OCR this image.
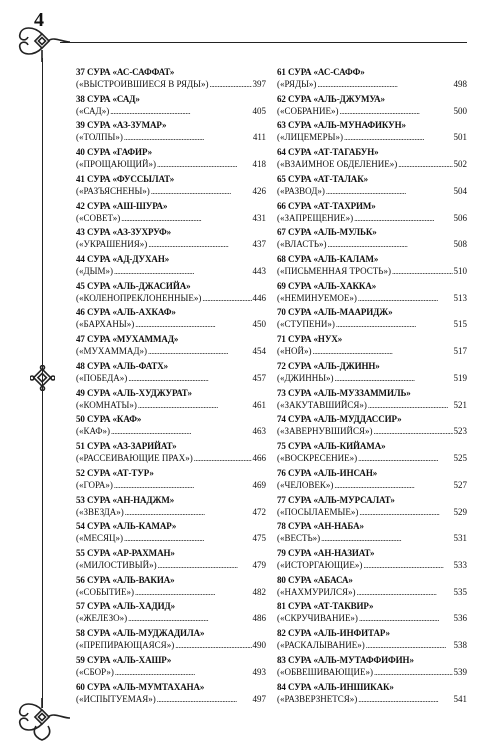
4
37 СУРА «АС-САФФАТ»
(«ВЫСТРОИВШИЕСЯ В РЯДЫ») . . .	397
38 СУРА «САД»
(«САД») . . .	405
39 СУРА «АЗ-ЗУМАР»
(«ТОЛПЫ») . . .	411
40 СУРА «ГАФИР»
(«ПРОЩАЮЩИЙ») . . .	418
41 СУРА «ФУССЫЛАТ»
(«РАЗЪЯСНЕНЫ») . . .	426
42 СУРА «АШ-ШУРА»
(«СОВЕТ») . . .	431
43 СУРА «АЗ-ЗУХРУФ»
(«УКРАШЕНИЯ») . . .	437
44 СУРА «АД-ДУХАН»
(«ДЫМ») . . .	443
45 СУРА «АЛЬ-ДЖАСИЙА»
(«КОЛЕНОПРЕКЛОНЕННЫЕ») . . .	446
46 СУРА «АЛЬ-АХКАФ»
(«БАРХАНЫ») . . .	450
47 СУРА «МУХАММАД»
(«МУХАММАД») . . .	454
48 СУРА «АЛЬ-ФАТХ»
(«ПОБЕДА») . . .	457
49 СУРА «АЛЬ-ХУДЖУРАТ»
(«КОМНАТЫ») . . .	461
50 СУРА «КАФ»
(«КАФ») . . .	463
51 СУРА «АЗ-ЗАРИЙАТ»
(«РАССЕИВАЮЩИЕ ПРАХ») . . .	466
52 СУРА «АТ-ТУР»
(«ГОРА») . . .	469
53 СУРА «АН-НАДЖМ»
(«ЗВЕЗДА») . . .	472
54 СУРА «АЛЬ-КАМАР»
(«МЕСЯЦ») . . .	475
55 СУРА «АР-РАХМАН»
(«МИЛОСТИВЫЙ») . . .	479
56 СУРА «АЛЬ-ВАКИА»
(«СОБЫТИЕ») . . .	482
57 СУРА «АЛЬ-ХАДИД»
(«ЖЕЛЕЗО») . . .	486
58 СУРА «АЛЬ-МУДЖАДИЛА»
(«ПРЕПИРАЮЩАЯСЯ») . . .	490
59 СУРА «АЛЬ-ХАШР»
(«СБОР») . . .	493
60 СУРА «АЛЬ-МУМТАХАНА»
(«ИСПЫТУЕМАЯ») . . .	497
61 СУРА «АС-САФФ»
(«РЯДЫ») . . .	498
62 СУРА «АЛЬ-ДЖУМУА»
(«СОБРАНИЕ») . . .	500
63 СУРА «АЛЬ-МУНАФИКУН»
(«ЛИЦЕМЕРЫ») . . .	501
64 СУРА «АТ-ТАГАБУН»
(«ВЗАИМНОЕ ОБДЕЛЕНИЕ») . . .	502
65 СУРА «АТ-ТАЛАК»
(«РАЗВОД») . . .	504
66 СУРА «АТ-ТАХРИМ»
(«ЗАПРЕЩЕНИЕ») . . .	506
67 СУРА «АЛЬ-МУЛЬК»
(«ВЛАСТЬ») . . .	508
68 СУРА «АЛЬ-КАЛАМ»
(«ПИСЬМЕННАЯ ТРОСТЬ») . . .	510
69 СУРА «АЛЬ-ХАККА»
(«НЕМИНУЕМОЕ») . . .	513
70 СУРА «АЛЬ-МААРИДЖ»
(«СТУПЕНИ») . . .	515
71 СУРА «НУХ»
(«НОЙ») . . .	517
72 СУРА «АЛЬ-ДЖИНН»
(«ДЖИННЫ») . . .	519
73 СУРА «АЛЬ-МУЗЗАММИЛЬ»
(«ЗАКУТАВШИЙСЯ») . . .	521
74 СУРА «АЛЬ-МУДДАССИР»
(«ЗАВЕРНУВШИЙСЯ») . . .	523
75 СУРА «АЛЬ-КИЙАМА»
(«ВОСКРЕСЕНИЕ») . . .	525
76 СУРА «АЛЬ-ИНСАН»
(«ЧЕЛОВЕК») . . .	527
77 СУРА «АЛЬ-МУРСАЛАТ»
(«ПОСЫЛАЕМЫЕ») . . .	529
78 СУРА «АН-НАБА»
(«ВЕСТЬ») . . .	531
79 СУРА «АН-НАЗИАТ»
(«ИСТОРГАЮЩИЕ») . . .	533
80 СУРА «АБАСА»
(«НАХМУРИЛСЯ») . . .	535
81 СУРА «АТ-ТАКВИР»
(«СКРУЧИВАНИЕ») . . .	536
82 СУРА «АЛЬ-ИНФИТАР»
(«РАСКАЛЫВАНИЕ») . . .	538
83 СУРА «АЛЬ-МУТАФФИФИН»
(«ОБВЕШИВАЮЩИЕ») . . .	539
84 СУРА «АЛЬ-ИНШИКАК»
(«РАЗВЕРЗНЕТСЯ») . . .	541
